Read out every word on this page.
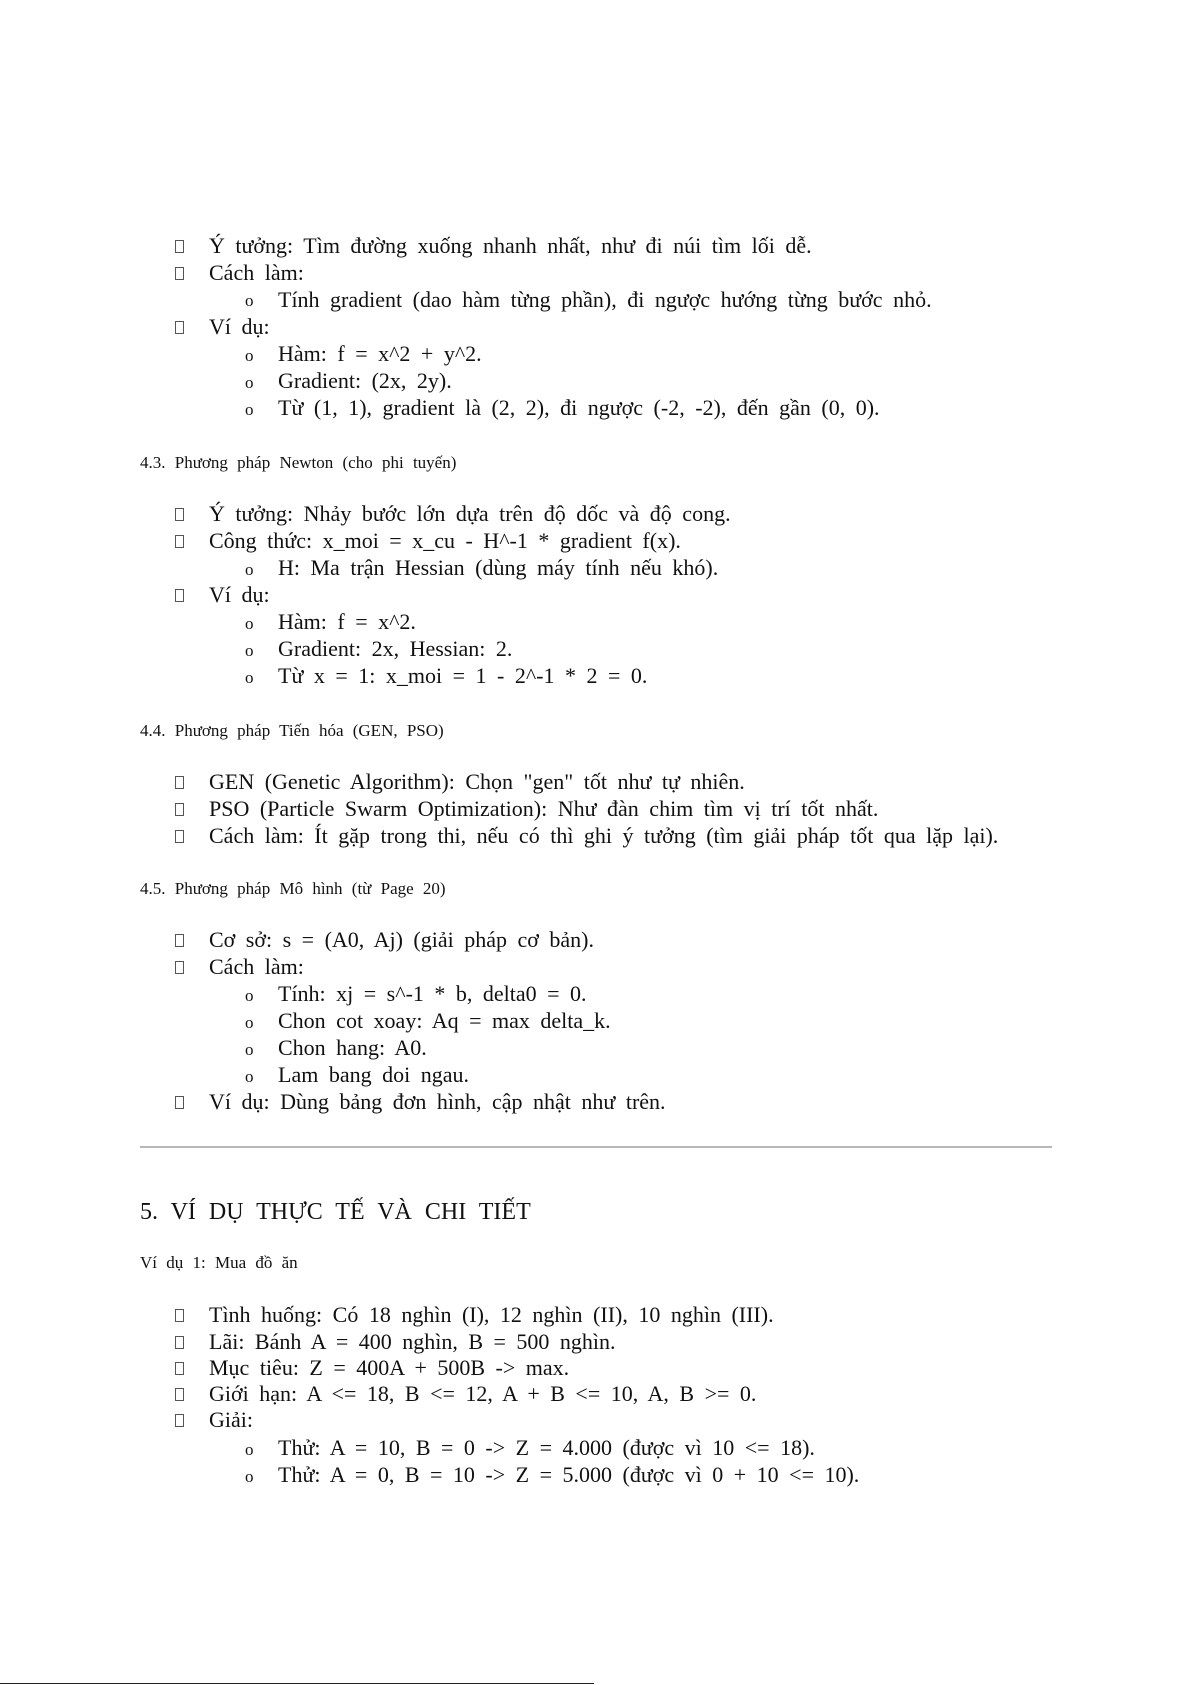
Ý tưởng: Tìm đường xuống nhanh nhất, như đi núi tìm lối dễ.
Cách làm:
o Tính gradient (dao hàm từng phần), đi ngược hướng từng bước nhỏ.
Ví dụ:
o Hàm: f = x^2 + y^2.
o Gradient: (2x, 2y).
o Từ (1, 1), gradient là (2, 2), đi ngược (-2, -2), đến gần (0, 0).
4.3. Phương pháp Newton (cho phi tuyến)
Ý tưởng: Nhảy bước lớn dựa trên độ dốc và độ cong.
Công thức: x_moi = x_cu - H^-1 * gradient f(x).
o H: Ma trận Hessian (dùng máy tính nếu khó).
Ví dụ:
o Hàm: f = x^2.
o Gradient: 2x, Hessian: 2.
o Từ x = 1: x_moi = 1 - 2^-1 * 2 = 0.
4.4. Phương pháp Tiến hóa (GEN, PSO)
GEN (Genetic Algorithm): Chọn "gen" tốt như tự nhiên.
PSO (Particle Swarm Optimization): Như đàn chim tìm vị trí tốt nhất.
Cách làm: Ít gặp trong thi, nếu có thì ghi ý tưởng (tìm giải pháp tốt qua lặp lại).
4.5. Phương pháp Mô hình (từ Page 20)
Cơ sở: s = (A0, Aj) (giải pháp cơ bản).
Cách làm:
o Tính: xj = s^-1 * b, delta0 = 0.
o Chon cot xoay: Aq = max delta_k.
o Chon hang: A0.
o Lam bang doi ngau.
Ví dụ: Dùng bảng đơn hình, cập nhật như trên.
5. VÍ DỤ THỰC TẾ VÀ CHI TIẾT
Ví dụ 1: Mua đồ ăn
Tình huống: Có 18 nghìn (I), 12 nghìn (II), 10 nghìn (III).
Lãi: Bánh A = 400 nghìn, B = 500 nghìn.
Mục tiêu: Z = 400A + 500B -> max.
Giới hạn: A <= 18, B <= 12, A + B <= 10, A, B >= 0.
Giải:
o Thử: A = 10, B = 0 -> Z = 4.000 (được vì 10 <= 18).
o Thử: A = 0, B = 10 -> Z = 5.000 (được vì 0 + 10 <= 10).
